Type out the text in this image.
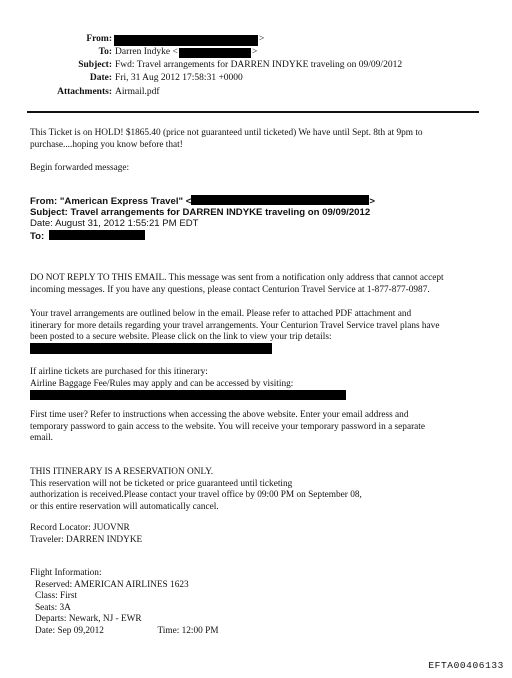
From:	>
To: Darren Indyke <	>
Subject: Fwd: Travel arrangements for DARREN INDYKE traveling on 09/09/2012
Date: Fri, 31 Aug 2012 17:58:31 +0000
Attachments: Airmail.pdf
This Ticket is on HOLD! $1865.40 (price not guaranteed until ticketed) We have until Sept. 8th at 9pm to
purchase....hoping you know before that!
Begin forwarded message:
From: "American Express Travel" <	>
Subject: Travel arrangements for DARREN INDYKE traveling on 09/09/2012
Date: August 31, 2012 1:55:21 PM EDT
To:
DO NOT REPLY TO THIS EMAIL. This message was sent from a notification only address that cannot accept
incoming messages. If you have any questions, please contact Centurion Travel Service at 1-877-877-0987.
Your travel arrangements are outlined below in the email. Please refer to attached PDF attachment and
itinerary for more details regarding your travel arrangements. Your Centurion Travel Service travel plans have
been posted to a secure website. Please click on the link to view your trip details:
If airline tickets are purchased for this itinerary:
Airline Baggage Fee/Rules may apply and can be accessed by visiting:
First time user? Refer to instructions when accessing the above website. Enter your email address and
temporary password to gain access to the website. You will receive your temporary password in a separate
email.
THIS ITINERARY IS A RESERVATION ONLY.
This reservation will not be ticketed or price guaranteed until ticketing
authorization is received.Please contact your travel office by 09:00 PM on September 08,
or this entire reservation will automatically cancel.
Record Locator: JUOVNR
Traveler: DARREN INDYKE
Flight Information:
Reserved: AMERICAN AIRLINES 1623
Class: First
Seats: 3A
Departs: Newark, NJ - EWR
Date: Sep 09,2012	Time: 12:00 PM
EFTA00406133
